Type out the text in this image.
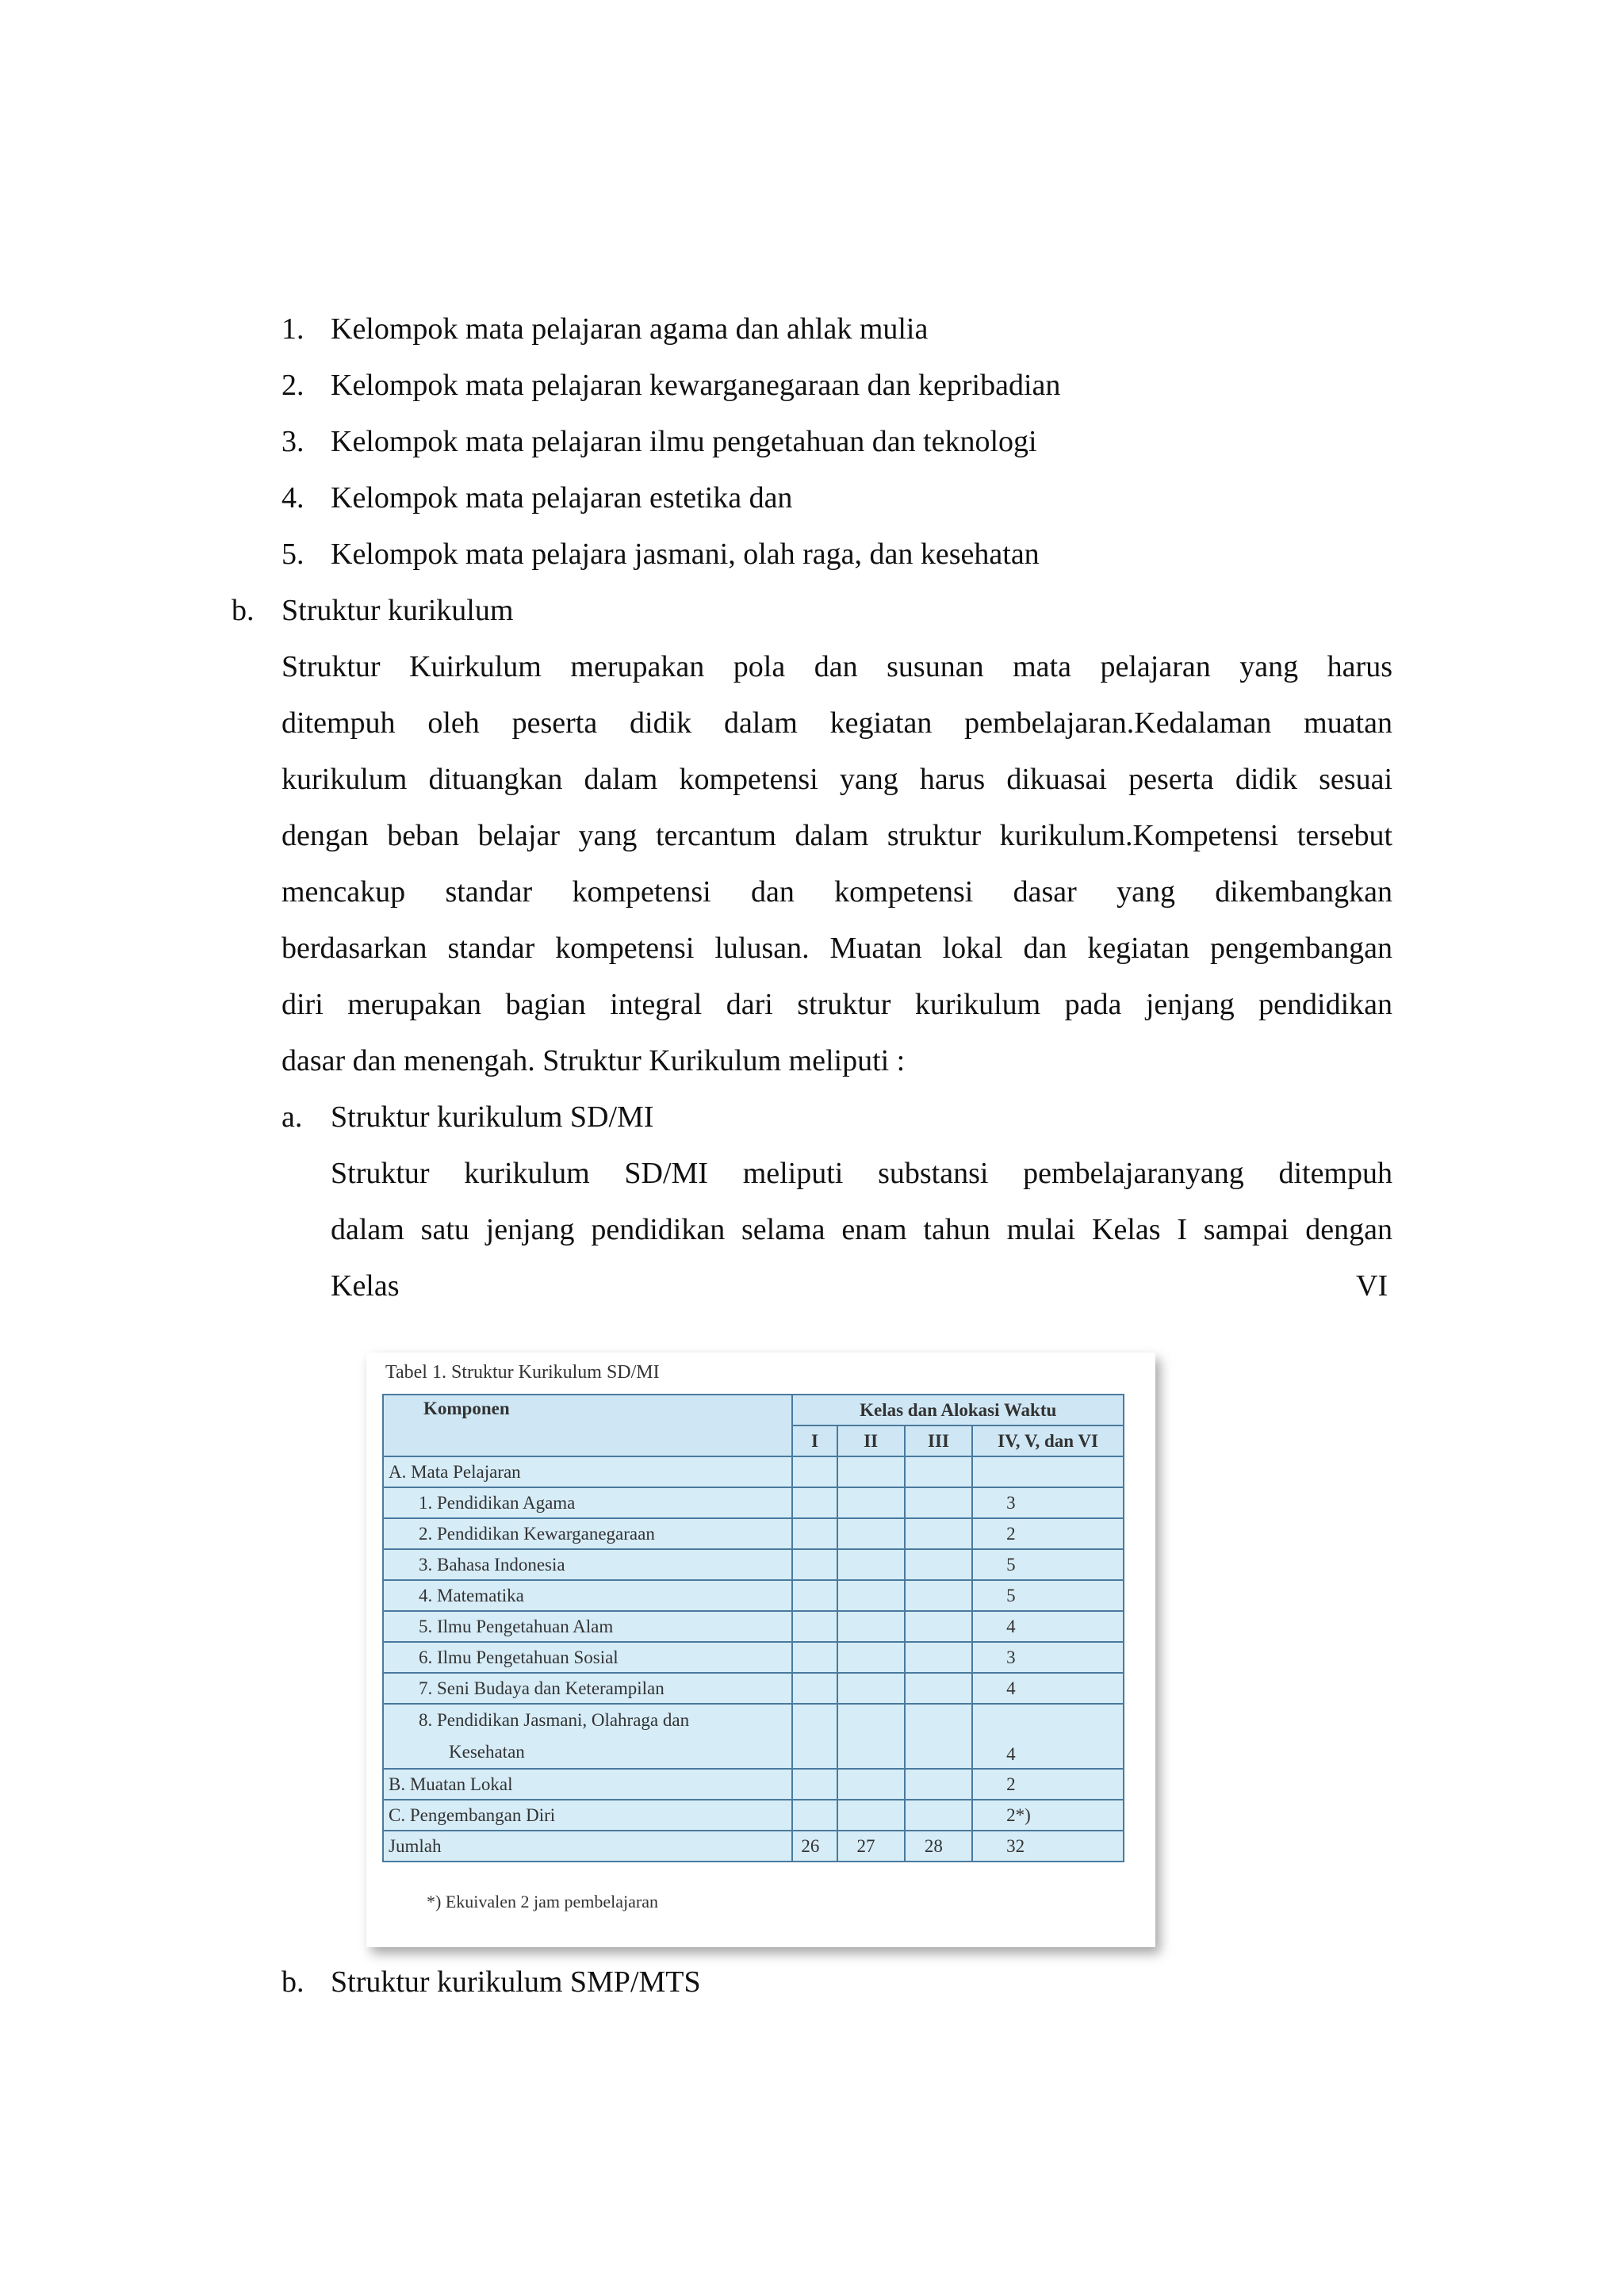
1. Kelompok mata pelajaran agama dan ahlak mulia
2. Kelompok mata pelajaran kewarganegaraan dan kepribadian
3. Kelompok mata pelajaran ilmu pengetahuan dan teknologi
4. Kelompok mata pelajaran estetika dan
5. Kelompok mata pelajara jasmani, olah raga, dan kesehatan
b. Struktur kurikulum
Struktur Kuirkulum merupakan pola dan susunan mata pelajaran yang harus
ditempuh oleh peserta didik dalam kegiatan pembelajaran.Kedalaman muatan
kurikulum dituangkan dalam kompetensi yang harus dikuasai peserta didik sesuai
dengan beban belajar yang tercantum dalam struktur kurikulum.Kompetensi tersebut
mencakup standar kompetensi dan kompetensi dasar yang dikembangkan
berdasarkan standar kompetensi lulusan. Muatan lokal dan kegiatan pengembangan
diri merupakan bagian integral dari struktur kurikulum pada jenjang pendidikan
dasar dan menengah. Struktur Kurikulum meliputi :
a. Struktur kurikulum SD/MI
Struktur kurikulum SD/MI meliputi substansi pembelajaranyang ditempuh
dalam satu jenjang pendidikan selama enam tahun mulai Kelas I sampai dengan
Kelas	VI
Tabel 1. Struktur Kurikulum SD/MI
Komponen	Kelas dan Alokasi Waktu			
	I	II	III	IV, V, dan VI
A. Mata Pelajaran				
1. Pendidikan Agama				3
2. Pendidikan Kewarganegaraan				2
3. Bahasa Indonesia				5
4. Matematika				5
5. Ilmu Pengetahuan Alam				4
6. Ilmu Pengetahuan Sosial				3
7. Seni Budaya dan Keterampilan				4

8. Pendidikan Jasmani, Olahraga dan
Kesehatan				4
B. Muatan Lokal				2
C. Pengembangan Diri				2*)
Jumlah	26	27	28	32
*) Ekuivalen 2 jam pembelajaran
b. Struktur kurikulum SMP/MTS
